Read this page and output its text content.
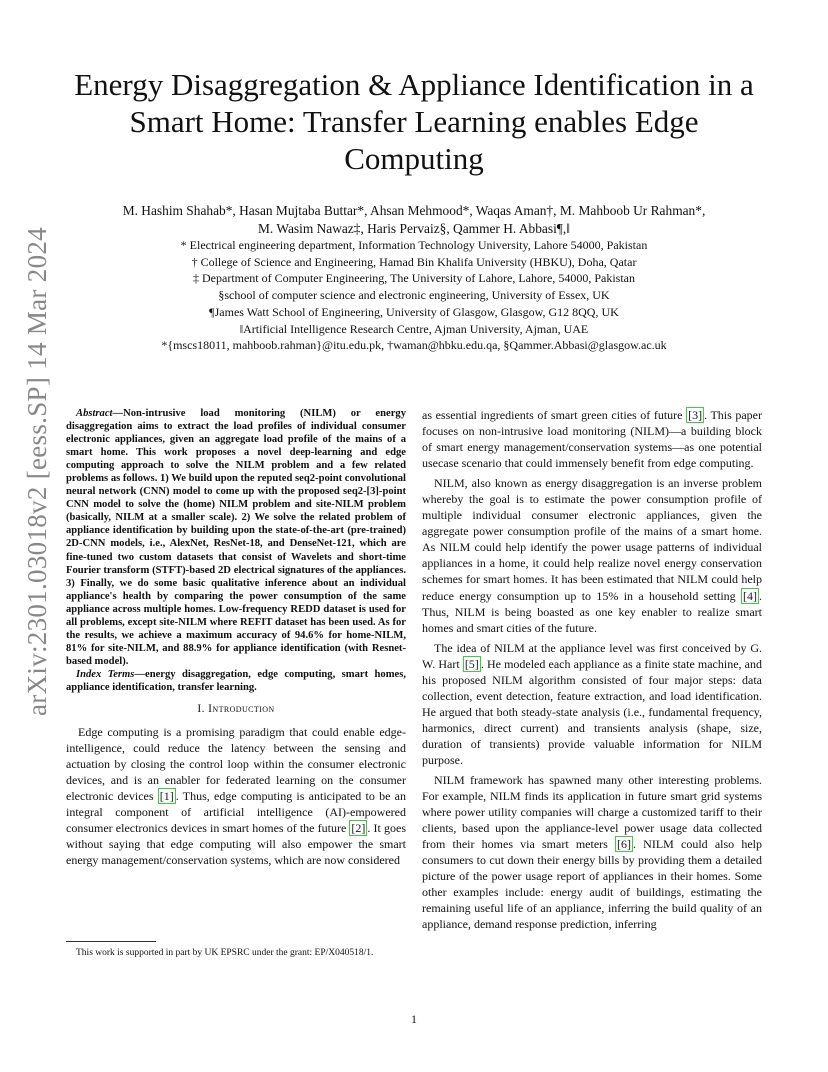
arXiv:2301.03018v2 [eess.SP] 14 Mar 2024
Energy Disaggregation & Appliance Identification in a Smart Home: Transfer Learning enables Edge Computing
M. Hashim Shahab*, Hasan Mujtaba Buttar*, Ahsan Mehmood*, Waqas Aman†, M. Mahboob Ur Rahman*,
M. Wasim Nawaz‡, Haris Pervaiz§, Qammer H. Abbasi¶,‖
* Electrical engineering department, Information Technology University, Lahore 54000, Pakistan
† College of Science and Engineering, Hamad Bin Khalifa University (HBKU), Doha, Qatar
‡ Department of Computer Engineering, The University of Lahore, Lahore, 54000, Pakistan
§school of computer science and electronic engineering, University of Essex, UK
¶James Watt School of Engineering, University of Glasgow, Glasgow, G12 8QQ, UK
‖Artificial Intelligence Research Centre, Ajman University, Ajman, UAE
*{mscs18011, mahboob.rahman}@itu.edu.pk, †waman@hbku.edu.qa, §Qammer.Abbasi@glasgow.ac.uk

Abstract—Non-intrusive load monitoring (NILM) or energy disaggregation aims to extract the load profiles of individual consumer electronic appliances, given an aggregate load profile of the mains of a smart home. This work proposes a novel deep-learning and edge computing approach to solve the NILM problem and a few related problems as follows. 1) We build upon the reputed seq2-point convolutional neural network (CNN) model to come up with the proposed seq2-[3]-point CNN model to solve the (home) NILM problem and site-NILM problem (basically, NILM at a smaller scale). 2) We solve the related problem of appliance identification by building upon the state-of-the-art (pre-trained) 2D-CNN models, i.e., AlexNet, ResNet-18, and DenseNet-121, which are fine-tuned two custom datasets that consist of Wavelets and short-time Fourier transform (STFT)-based 2D electrical signatures of the appliances. 3) Finally, we do some basic qualitative inference about an individual appliance's health by comparing the power consumption of the same appliance across multiple homes. Low-frequency REDD dataset is used for all problems, except site-NILM where REFIT dataset has been used. As for the results, we achieve a maximum accuracy of 94.6% for home-NILM, 81% for site-NILM, and 88.9% for appliance identification (with Resnet-based model).

Index Terms—energy disaggregation, edge computing, smart homes, appliance identification, transfer learning.

I. Introduction

Edge computing is a promising paradigm that could enable edge-intelligence, could reduce the latency between the sensing and actuation by closing the control loop within the consumer electronic devices, and is an enabler for federated learning on the consumer electronic devices [1] . Thus, edge computing is anticipated to be an integral component of artificial intelligence (AI)-empowered consumer electronics devices in smart homes of the future [2] . It goes without saying that edge computing will also empower the smart energy management/conservation systems, which are now considered

This work is supported in part by UK EPSRC under the grant: EP/X040518/1.

as essential ingredients of smart green cities of future [3] . This paper focuses on non-intrusive load monitoring (NILM)—a building block of smart energy management/conservation systems—as one potential usecase scenario that could immensely benefit from edge computing.

NILM, also known as energy disaggregation is an inverse problem whereby the goal is to estimate the power consumption profile of multiple individual consumer electronic appliances, given the aggregate power consumption profile of the mains of a smart home. As NILM could help identify the power usage patterns of individual appliances in a home, it could help realize novel energy conservation schemes for smart homes. It has been estimated that NILM could help reduce energy consumption up to 15% in a household setting [4] . Thus, NILM is being boasted as one key enabler to realize smart homes and smart cities of the future.

The idea of NILM at the appliance level was first conceived by G. W. Hart [5] . He modeled each appliance as a finite state machine, and his proposed NILM algorithm consisted of four major steps: data collection, event detection, feature extraction, and load identification. He argued that both steady-state analysis (i.e., fundamental frequency, harmonics, direct current) and transients analysis (shape, size, duration of transients) provide valuable information for NILM purpose.

NILM framework has spawned many other interesting problems. For example, NILM finds its application in future smart grid systems where power utility companies will charge a customized tariff to their clients, based upon the appliance-level power usage data collected from their homes via smart meters [6] . NILM could also help consumers to cut down their energy bills by providing them a detailed picture of the power usage report of appliances in their homes. Some other examples include: energy audit of buildings, estimating the remaining useful life of an appliance, inferring the build quality of an appliance, demand response prediction, inferring

1
